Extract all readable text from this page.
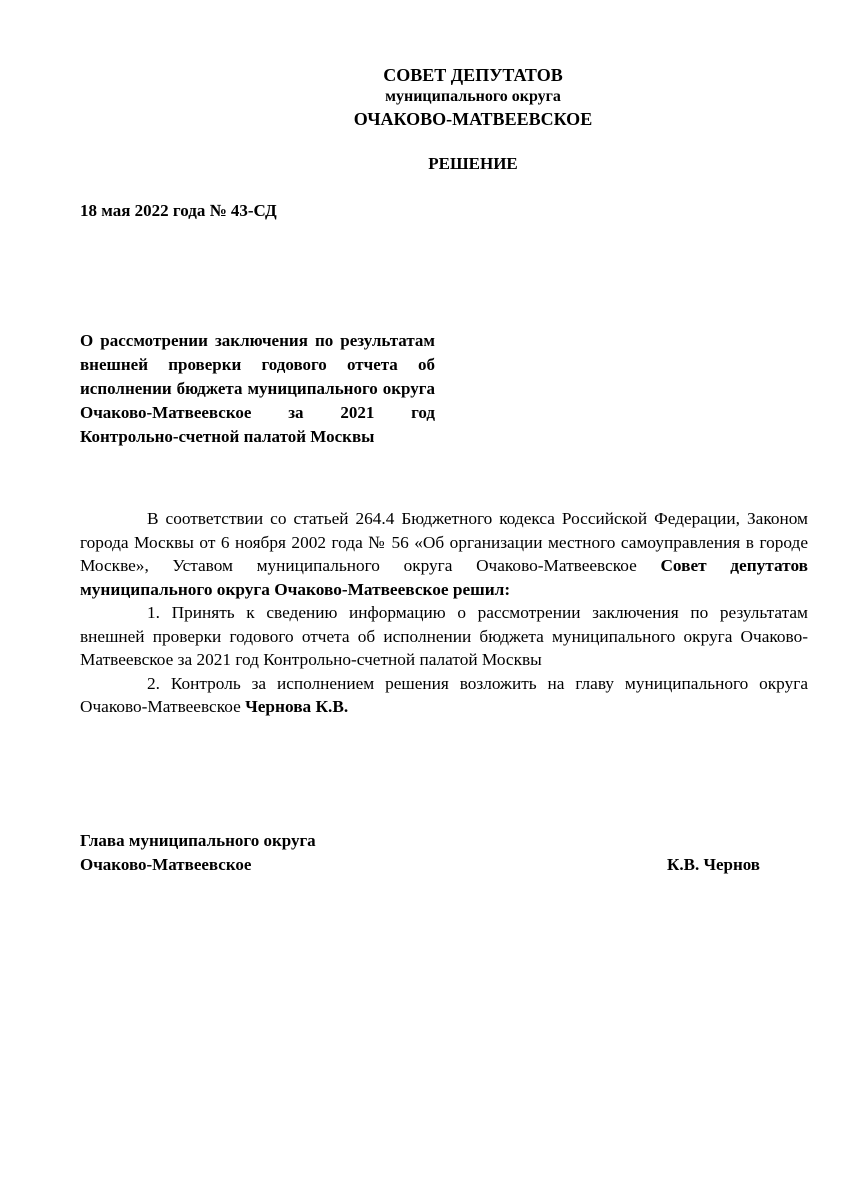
СОВЕТ ДЕПУТАТОВ
муниципального округа
ОЧАКОВО-МАТВЕЕВСКОЕ
РЕШЕНИЕ
18 мая 2022 года № 43-СД
О рассмотрении заключения по результатам внешней проверки годового отчета об исполнении бюджета муниципального округа Очаково-Матвеевское за 2021 год
Контрольно-счетной палатой Москвы

В соответствии со статьей 264.4 Бюджетного кодекса Российской Федерации, Законом города Москвы от 6 ноября 2002 года № 56 «Об организации местного самоуправления в городе Москве», Уставом муниципального округа Очаково-Матвеевское Совет депутатов муниципального округа Очаково-Матвеевское решил:

1. Принять к сведению информацию о рассмотрении заключения по результатам внешней проверки годового отчета об исполнении бюджета муниципального округа Очаково-Матвеевское за 2021 год Контрольно-счетной палатой Москвы

2. Контроль за исполнением решения возложить на главу муниципального округа Очаково-Матвеевское Чернова К.В.

Глава муниципального округа
Очаково-Матвеевское	К.В. Чернов
